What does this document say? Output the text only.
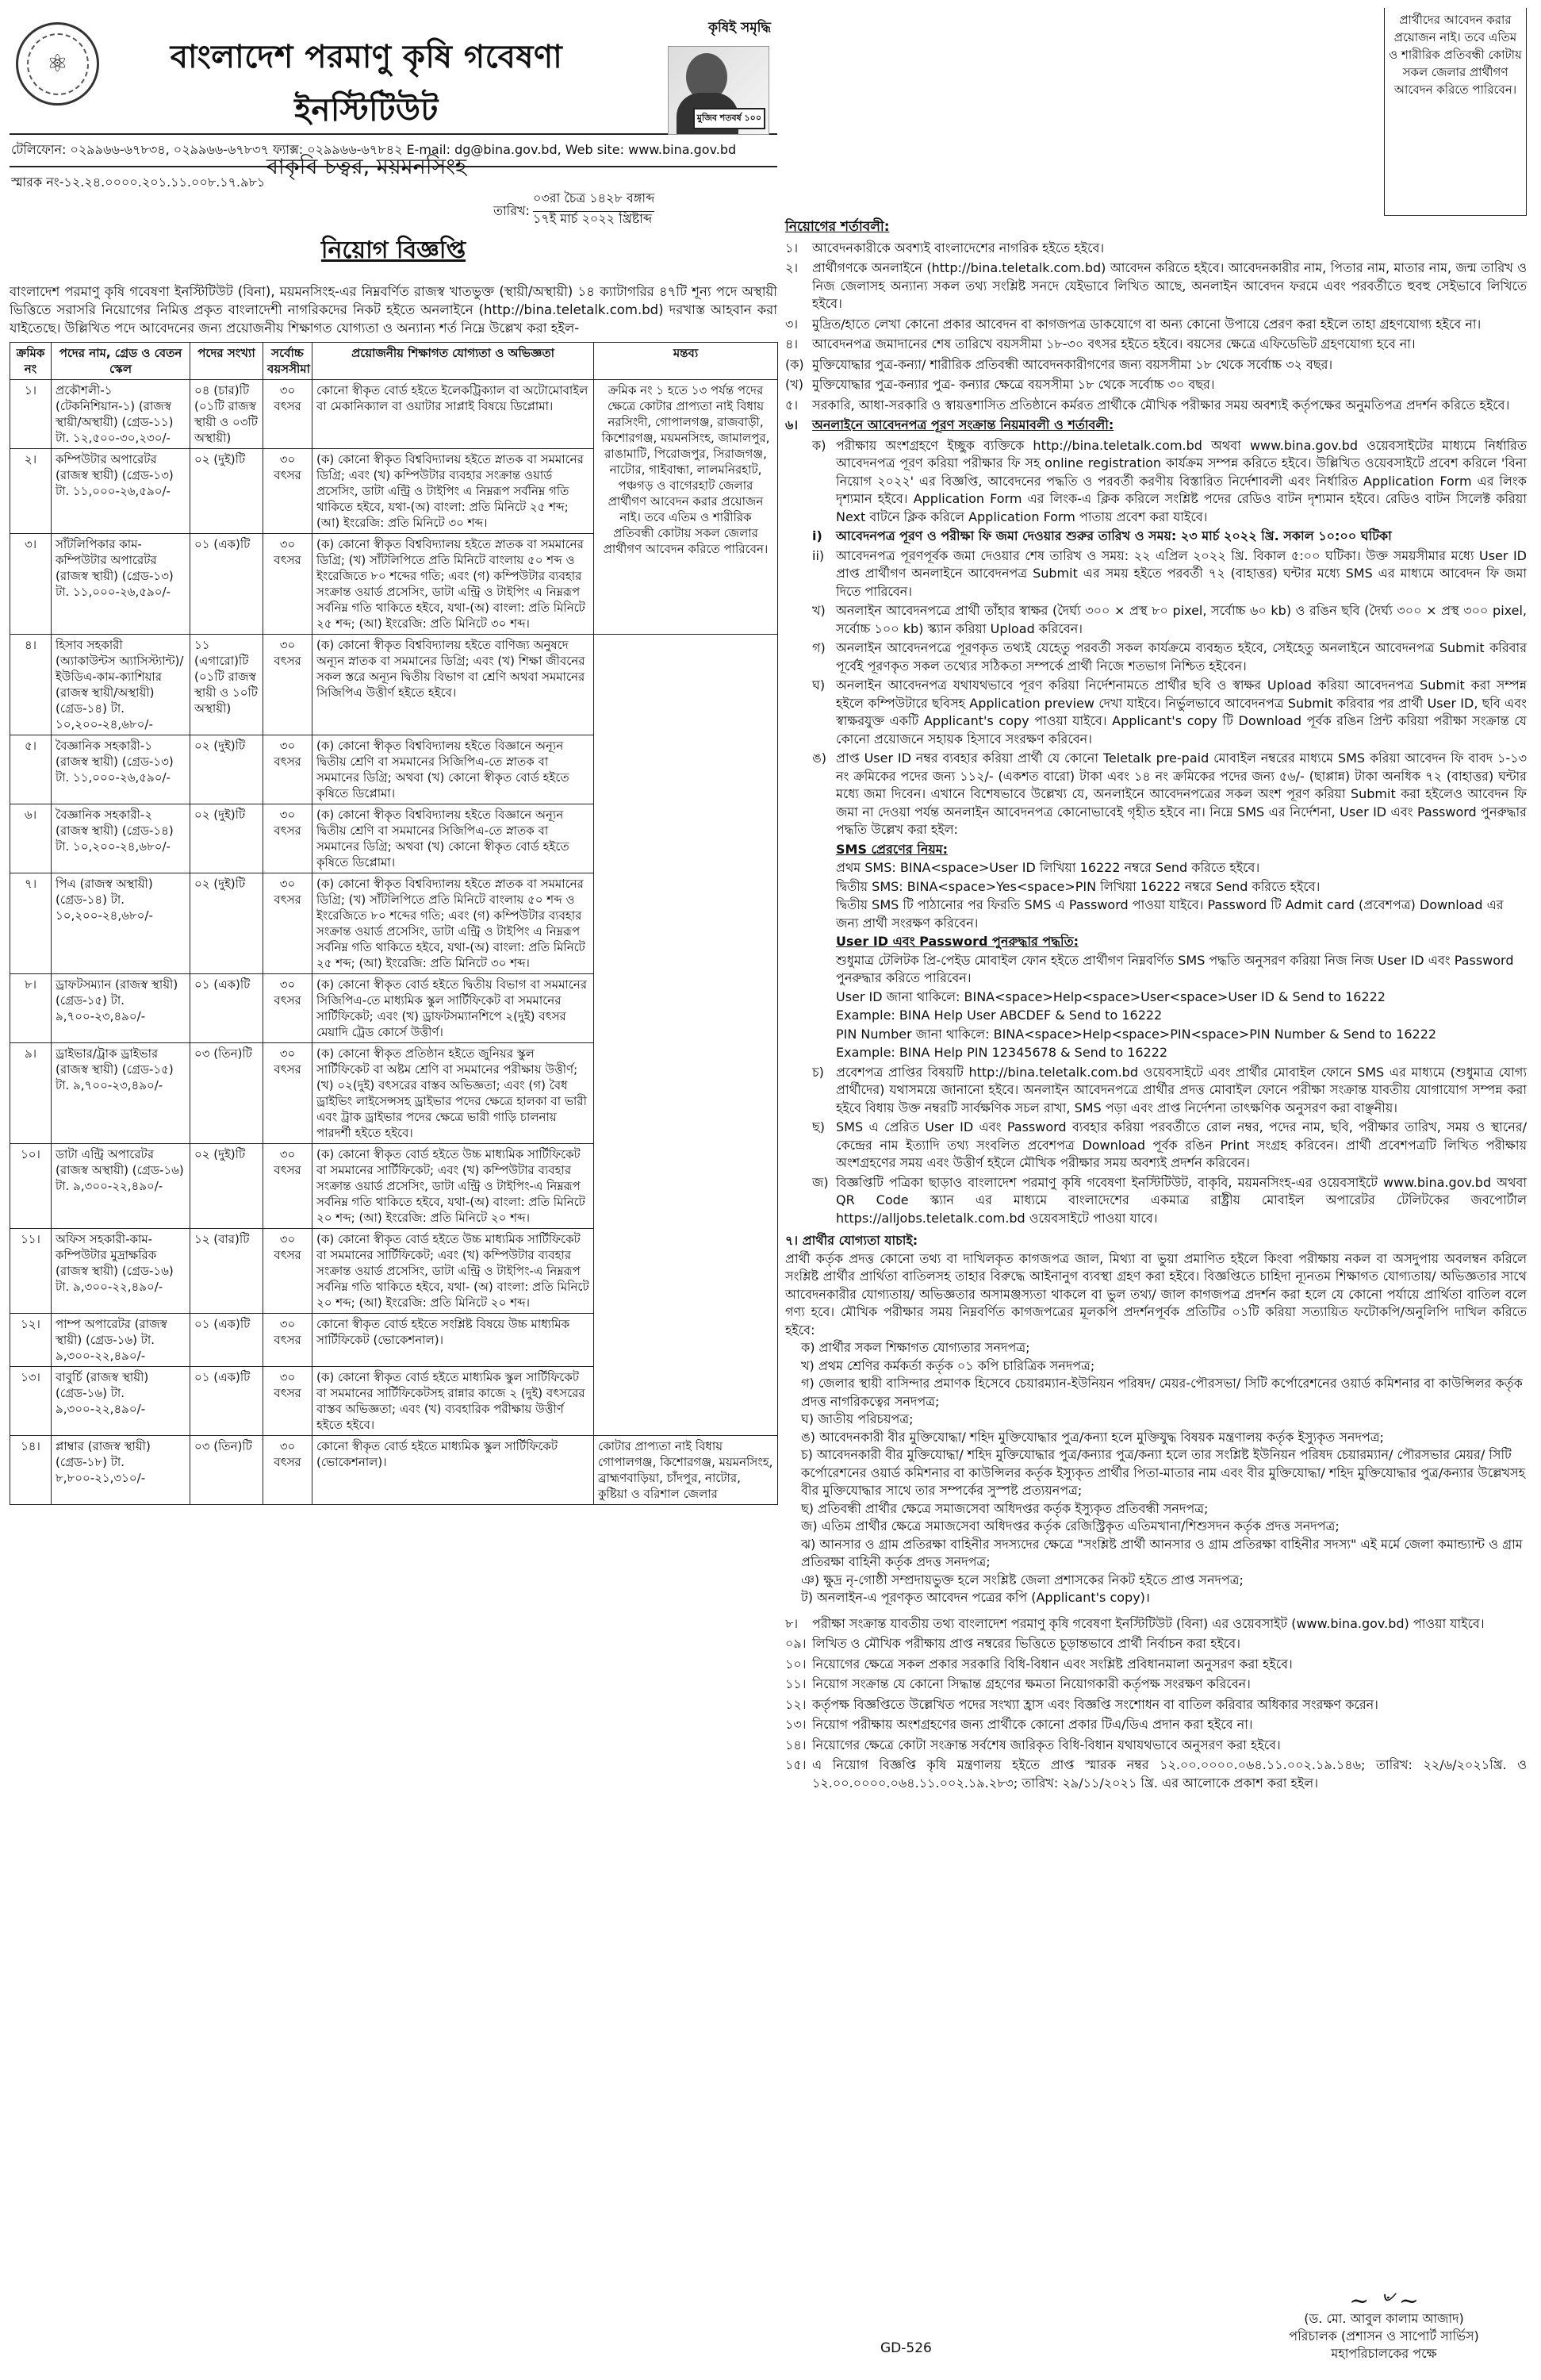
⚛	বাংলাদেশ পরমাণু কৃষি গবেষণা ইনস্টিটিউট
বাকৃবি চত্বর, ময়মনসিংহ
কৃষিই সমৃদ্ধি
মুজিব শতবর্ষ ১০০
টেলিফোন: ০২৯৯৬৬-৬৭৮৩৪, ০২৯৯৬৬-৬৭৮৩৭ ফ্যাক্স: ০২৯৯৬৬-৬৭৮৪২ E-mail: dg@bina.gov.bd, Web site: www.bina.gov.bd
স্মারক নং-১২.২৪.০০০০.২০১.১১.০০৮.১৭.৯৮১
তারিখ:
০৩রা চৈত্র ১৪২৮ বঙ্গাব্দ
১৭ই মার্চ ২০২২ খ্রিষ্টাব্দ
নিয়োগ বিজ্ঞপ্তি
বাংলাদেশ পরমাণু কৃষি গবেষণা ইনস্টিটিউট (বিনা), ময়মনসিংহ-এর নিম্নবর্ণিত রাজস্ব খাতভুক্ত (স্থায়ী/অস্থায়ী) ১৪ ক্যাটাগরির ৪৭টি শূন্য পদে অস্থায়ী ভিত্তিতে সরাসরি নিয়োগের নিমিত্ত প্রকৃত বাংলাদেশী নাগরিকদের নিকট হইতে অনলাইনে (http://bina.teletalk.com.bd) দরখাস্ত আহবান করা যাইতেছে। উল্লিখিত পদে আবেদনের জন্য প্রয়োজনীয় শিক্ষাগত যোগ্যতা ও অন্যান্য শর্ত নিম্নে উল্লেখ করা হইল-
ক্রমিক নং	পদের নাম, গ্রেড ও বেতন স্কেল	পদের সংখ্যা	সর্বোচ্চ বয়সসীমা	প্রয়োজনীয় শিক্ষাগত যোগ্যতা ও অভিজ্ঞতা	মন্তব্য
১।	প্রকৌশলী-১ (টেকনিশিয়ান-১) (রাজস্ব স্থায়ী/অস্থায়ী) (গ্রেড-১১) টা. ১২,৫০০-৩০,২৩০/-	০৪ (চার)টি (০১টি রাজস্ব স্থায়ী ও ০৩টি অস্থায়ী)	৩০ বৎসর	কোনো স্বীকৃত বোর্ড হইতে ইলেকট্রিক্যাল বা অটোমোবাইল বা মেকানিক্যাল বা ওয়াটার সাপ্লাই বিষয়ে ডিপ্লোমা।	ক্রমিক নং ১ হতে ১৩ পর্যন্ত পদের ক্ষেত্রে কোটার প্রাপ্যতা নাই বিধায় নরসিংদী, গোপালগঞ্জ, রাজবাড়ী, কিশোরগঞ্জ, ময়মনসিংহ, জামালপুর, রাঙামাটি, পিরোজপুর, সিরাজগঞ্জ, নাটোর, গাইবান্ধা, লালমনিরহাট, পঞ্চগড় ও বাগেরহাট জেলার প্রার্থীগণ আবেদন করার প্রয়োজন নাই। তবে এতিম ও শারীরিক প্রতিবন্ধী কোটায় সকল জেলার প্রার্থীগণ আবেদন করিতে পারিবেন।
২।	কম্পিউটার অপারেটর (রাজস্ব স্থায়ী) (গ্রেড-১৩) টা. ১১,০০০-২৬,৫৯০/-	০২ (দুই)টি	৩০ বৎসর	(ক) কোনো স্বীকৃত বিশ্ববিদ্যালয় হইতে স্নাতক বা সমমানের ডিগ্রি; এবং (খ) কম্পিউটার ব্যবহার সংক্রান্ত ওয়ার্ড প্রসেসিং, ডাটা এন্ট্রি ও টাইপিং এ নিম্নরূপ সর্বনিম্ন গতি থাকিতে হইবে, যথা-(অ) বাংলা: প্রতি মিনিটে ২৫ শব্দ; (আ) ইংরেজি: প্রতি মিনিটে ৩০ শব্দ।	
৩।	সাঁটলিপিকার কাম-কম্পিউটার অপারেটর (রাজস্ব স্থায়ী) (গ্রেড-১৩) টা. ১১,০০০-২৬,৫৯০/-	০১ (এক)টি	৩০ বৎসর	(ক) কোনো স্বীকৃত বিশ্ববিদ্যালয় হইতে স্নাতক বা সমমানের ডিগ্রি; (খ) সাঁটলিপিতে প্রতি মিনিটে বাংলায় ৫০ শব্দ ও ইংরেজিতে ৮০ শব্দের গতি; এবং (গ) কম্পিউটার ব্যবহার সংক্রান্ত ওয়ার্ড প্রসেসিং, ডাটা এন্ট্রি ও টাইপিং এ নিম্নরূপ সর্বনিম্ন গতি থাকিতে হইবে, যথা-(অ) বাংলা: প্রতি মিনিটে ২৫ শব্দ; (আ) ইংরেজি: প্রতি মিনিটে ৩০ শব্দ।	
৪।	হিসাব সহকারী (অ্যাকাউন্টস অ্যাসিস্ট্যান্ট)/ইউডিএ-কাম-ক্যাশিয়ার (রাজস্ব স্থায়ী/অস্থায়ী) (গ্রেড-১৪) টা. ১০,২০০-২৪,৬৮০/-	১১ (এগারো)টি (০১টি রাজস্ব স্থায়ী ও ১০টি অস্থায়ী)	৩০ বৎসর	(ক) কোনো স্বীকৃত বিশ্ববিদ্যালয় হইতে বাণিজ্য অনুষদে অন্যূন স্নাতক বা সমমানের ডিগ্রি; এবং (খ) শিক্ষা জীবনের সকল স্তরে অন্যূন দ্বিতীয় বিভাগ বা শ্রেণি অথবা সমমানের সিজিপিএ উত্তীর্ণ হইতে হইবে।	
৫।	বৈজ্ঞানিক সহকারী-১ (রাজস্ব স্থায়ী) (গ্রেড-১৩) টা. ১১,০০০-২৬,৫৯০/-	০২ (দুই)টি	৩০ বৎসর	(ক) কোনো স্বীকৃত বিশ্ববিদ্যালয় হইতে বিজ্ঞানে অন্যূন দ্বিতীয় শ্রেণি বা সমমানের সিজিপিএ-তে স্নাতক বা সমমানের ডিগ্রি; অথবা (খ) কোনো স্বীকৃত বোর্ড হইতে কৃষিতে ডিপ্লোমা।	
৬।	বৈজ্ঞানিক সহকারী-২ (রাজস্ব স্থায়ী) (গ্রেড-১৪) টা. ১০,২০০-২৪,৬৮০/-	০২ (দুই)টি	৩০ বৎসর	(ক) কোনো স্বীকৃত বিশ্ববিদ্যালয় হইতে বিজ্ঞানে অন্যূন দ্বিতীয় শ্রেণি বা সমমানের সিজিপিএ-তে স্নাতক বা সমমানের ডিগ্রি; অথবা (খ) কোনো স্বীকৃত বোর্ড হইতে কৃষিতে ডিপ্লোমা।	
৭।	পিএ (রাজস্ব অস্থায়ী) (গ্রেড-১৪) টা. ১০,২০০-২৪,৬৮০/-	০২ (দুই)টি	৩০ বৎসর	(ক) কোনো স্বীকৃত বিশ্ববিদ্যালয় হইতে স্নাতক বা সমমানের ডিগ্রি; (খ) সাঁটলিপিতে প্রতি মিনিটে বাংলায় ৫০ শব্দ ও ইংরেজিতে ৮০ শব্দের গতি; এবং (গ) কম্পিউটার ব্যবহার সংক্রান্ত ওয়ার্ড প্রসেসিং, ডাটা এন্ট্রি ও টাইপিং এ নিম্নরূপ সর্বনিম্ন গতি থাকিতে হইবে, যথা-(অ) বাংলা: প্রতি মিনিটে ২৫ শব্দ; (আ) ইংরেজি: প্রতি মিনিটে ৩০ শব্দ।	
৮।	ড্রাফটসম্যান (রাজস্ব স্থায়ী) (গ্রেড-১৫) টা. ৯,৭০০-২৩,৪৯০/-	০১ (এক)টি	৩০ বৎসর	(ক) কোনো স্বীকৃত বোর্ড হইতে দ্বিতীয় বিভাগ বা সমমানের সিজিপিএ-তে মাধ্যমিক স্কুল সার্টিফিকেট বা সমমানের সার্টিফিকেট; এবং (খ) ড্রাফটসম্যানশিপে ২(দুই) বৎসর মেয়াদি ট্রেড কোর্সে উত্তীর্ণ।	
৯।	ড্রাইভার/ট্রাক ড্রাইভার (রাজস্ব স্থায়ী) (গ্রেড-১৫) টা. ৯,৭০০-২৩,৪৯০/-	০৩ (তিন)টি	৩০ বৎসর	(ক) কোনো স্বীকৃত প্রতিষ্ঠান হইতে জুনিয়র স্কুল সার্টিফিকেট বা অষ্টম শ্রেণি বা সমমানের পরীক্ষায় উত্তীর্ণ; (খ) ০২(দুই) বৎসরের বাস্তব অভিজ্ঞতা; এবং (গ) বৈধ ড্রাইভিং লাইসেন্সসহ ড্রাইভার পদের ক্ষেত্রে হালকা বা ভারী এবং ট্রাক ড্রাইভার পদের ক্ষেত্রে ভারী গাড়ি চালনায় পারদর্শী হইতে হইবে।	
১০।	ডাটা এন্ট্রি অপারেটর (রাজস্ব অস্থায়ী) (গ্রেড-১৬) টা. ৯,৩০০-২২,৪৯০/-	০২ (দুই)টি	৩০ বৎসর	(ক) কোনো স্বীকৃত বোর্ড হইতে উচ্চ মাধ্যমিক সার্টিফিকেট বা সমমানের সার্টিফিকেট; এবং (খ) কম্পিউটার ব্যবহার সংক্রান্ত ওয়ার্ড প্রসেসিং, ডাটা এন্ট্রি ও টাইপিং-এ নিম্নরূপ সর্বনিম্ন গতি থাকিতে হইবে, যথা-(অ) বাংলা: প্রতি মিনিটে ২০ শব্দ; (আ) ইংরেজি: প্রতি মিনিটে ২০ শব্দ।	
১১।	অফিস সহকারী-কাম-কম্পিউটার মুদ্রাক্ষরিক (রাজস্ব স্থায়ী) (গ্রেড-১৬) টা. ৯,৩০০-২২,৪৯০/-	১২ (বার)টি	৩০ বৎসর	(ক) কোনো স্বীকৃত বোর্ড হইতে উচ্চ মাধ্যমিক সার্টিফিকেট বা সমমানের সার্টিফিকেট; এবং (খ) কম্পিউটার ব্যবহার সংক্রান্ত ওয়ার্ড প্রসেসিং, ডাটা এন্ট্রি ও টাইপিং-এ নিম্নরূপ সর্বনিম্ন গতি থাকিতে হইবে, যথা- (অ) বাংলা: প্রতি মিনিটে ২০ শব্দ; (আ) ইংরেজি: প্রতি মিনিটে ২০ শব্দ।	
১২।	পাম্প অপারেটর (রাজস্ব স্থায়ী) (গ্রেড-১৬) টা. ৯,৩০০-২২,৪৯০/-	০১ (এক)টি	৩০ বৎসর	কোনো স্বীকৃত বোর্ড হইতে সংশ্লিষ্ট বিষয়ে উচ্চ মাধ্যমিক সার্টিফিকেট (ভোকেশনাল)।	
১৩।	বাবুর্চি (রাজস্ব স্থায়ী) (গ্রেড-১৬) টা. ৯,৩০০-২২,৪৯০/-	০১ (এক)টি	৩০ বৎসর	(ক) কোনো স্বীকৃত বোর্ড হইতে মাধ্যমিক স্কুল সার্টিফিকেট বা সমমানের সার্টিফিকেটসহ রান্নার কাজে ২ (দুই) বৎসরের বাস্তব অভিজ্ঞতা; এবং (খ) ব্যবহারিক পরীক্ষায় উত্তীর্ণ হইতে হইবে।	
১৪।	প্লাম্বার (রাজস্ব স্থায়ী) (গ্রেড-১৮) টা. ৮,৮০০-২১,৩১০/-	০৩ (তিন)টি	৩০ বৎসর	কোনো স্বীকৃত বোর্ড হইতে মাধ্যমিক স্কুল সার্টিফিকেট (ভোকেশনাল)।	কোটার প্রাপ্যতা নাই বিধায় গোপালগঞ্জ, কিশোরগঞ্জ, ময়মনসিংহ, ব্রাহ্মণবাড়িয়া, চাঁদপুর, নাটোর, কুষ্টিয়া ও বরিশাল জেলার
প্রার্থীদের আবেদন করার প্রয়োজন নাই। তবে এতিম ও শারীরিক প্রতিবন্ধী কোটায় সকল জেলার প্রার্থীগণ আবেদন করিতে পারিবেন।
নিয়োগের শর্তাবলী:
১।	আবেদনকারীকে অবশ্যই বাংলাদেশের নাগরিক হইতে হইবে।
২।	প্রার্থীগণকে অনলাইনে (http://bina.teletalk.com.bd) আবেদন করিতে হইবে। আবেদনকারীর নাম, পিতার নাম, মাতার নাম, জন্ম তারিখ ও নিজ জেলাসহ অন্যান্য সকল তথ্য সংশ্লিষ্ট সনদে যেইভাবে লিখিত আছে, অনলাইন আবেদন ফরমে এবং পরবর্তীতে হুবহু সেইভাবে লিখিতে হইবে।
৩।	মুদ্রিত/হাতে লেখা কোনো প্রকার আবেদন বা কাগজপত্র ডাকযোগে বা অন্য কোনো উপায়ে প্রেরণ করা হইলে তাহা গ্রহণযোগ্য হইবে না।
৪।	আবেদনপত্র জমাদানের শেষ তারিখে বয়সসীমা ১৮-৩০ বৎসর হইতে হইবে। বয়সের ক্ষেত্রে এফিডেভিট গ্রহণযোগ্য হবে না।
(ক) মুক্তিযোদ্ধার পুত্র-কন্যা/ শারীরিক প্রতিবন্ধী আবেদনকারীগণের জন্য বয়সসীমা ১৮ থেকে সর্বোচ্চ ৩২ বছর।
(খ) মুক্তিযোদ্ধার পুত্র-কন্যার পুত্র- কন্যার ক্ষেত্রে বয়সসীমা ১৮ থেকে সর্বোচ্চ ৩০ বছর।
৫।	সরকারি, আধা-সরকারি ও স্বায়ত্তশাসিত প্রতিষ্ঠানে কর্মরত প্রার্থীকে মৌখিক পরীক্ষার সময় অবশ্যই কর্তৃপক্ষের অনুমতিপত্র প্রদর্শন করিতে হইবে।
৬।	অনলাইনে আবেদনপত্র পূরণ সংক্রান্ত নিয়মাবলী ও শর্তাবলী:
ক) পরীক্ষায় অংশগ্রহণে ইচ্ছুক ব্যক্তিকে http://bina.teletalk.com.bd অথবা www.bina.gov.bd ওয়েবসাইটের মাধ্যমে নির্ধারিত আবেদনপত্র পূরণ করিয়া পরীক্ষার ফি সহ online registration কার্যক্রম সম্পন্ন করিতে হইবে। উল্লিখিত ওয়েবসাইটে প্রবেশ করিলে 'বিনা নিয়োগ ২০২২' এর বিজ্ঞপ্তি, আবেদনের পদ্ধতি ও পরবর্তী করণীয় বিস্তারিত নির্দেশাবলী এবং নির্ধারিত Application Form এর লিংক দৃশ্যমান হইবে। Application Form এর লিংক-এ ক্লিক করিলে সংশ্লিষ্ট পদের রেডিও বাটন দৃশ্যমান হইবে। রেডিও বাটন সিলেক্ট করিয়া Next বাটনে ক্লিক করিলে Application Form পাতায় প্রবেশ করা যাইবে।
i)	আবেদনপত্র পূরণ ও পরীক্ষা ফি জমা দেওয়ার শুরুর তারিখ ও সময়: ২৩ মার্চ ২০২২ খ্রি. সকাল ১০:০০ ঘটিকা
ii) আবেদনপত্র পূরণপূর্বক জমা দেওয়ার শেষ তারিখ ও সময়: ২২ এপ্রিল ২০২২ খ্রি. বিকাল ৫:০০ ঘটিকা। উক্ত সময়সীমার মধ্যে User ID প্রাপ্ত প্রার্থীগণ অনলাইনে আবেদনপত্র Submit এর সময় হইতে পরবর্তী ৭২ (বাহাত্তর) ঘন্টার মধ্যে SMS এর মাধ্যমে আবেদন ফি জমা দিতে পারিবেন।
খ) অনলাইন আবেদনপত্রে প্রার্থী তাঁহার স্বাক্ষর (দৈর্ঘ্য ৩০০ × প্রস্থ ৮০ pixel, সর্বোচ্চ ৬০ kb) ও রঙিন ছবি (দৈর্ঘ্য ৩০০ × প্রস্থ ৩০০ pixel, সর্বোচ্চ ১০০ kb) স্ক্যান করিয়া Upload করিবেন।
গ) অনলাইন আবেদনপত্রে পূরণকৃত তথ্যই যেহেতু পরবর্তী সকল কার্যক্রমে ব্যবহৃত হইবে, সেইহেতু অনলাইনে আবেদনপত্র Submit করিবার পূর্বেই পূরণকৃত সকল তথ্যের সঠিকতা সম্পর্কে প্রার্থী নিজে শতভাগ নিশ্চিত হইবেন।
ঘ) অনলাইন আবেদনপত্র যথাযথভাবে পূরণ করিয়া নির্দেশনামতে প্রার্থীর ছবি ও স্বাক্ষর Upload করিয়া আবেদনপত্র Submit করা সম্পন্ন হইলে কম্পিউটারে ছবিসহ Application preview দেখা যাইবে। নির্ভুলভাবে আবেদনপত্র Submit করিবার পর প্রার্থী User ID, ছবি এবং স্বাক্ষরযুক্ত একটি Applicant's copy পাওয়া যাইবে। Applicant's copy টি Download পূর্বক রঙিন প্রিন্ট করিয়া পরীক্ষা সংক্রান্ত যে কোনো প্রয়োজনে সহায়ক হিসাবে সংরক্ষণ করিবেন।
ঙ) প্রাপ্ত User ID নম্বর ব্যবহার করিয়া প্রার্থী যে কোনো Teletalk pre-paid মোবাইল নম্বরের মাধ্যমে SMS করিয়া আবেদন ফি বাবদ ১-১৩ নং ক্রমিকের পদের জন্য ১১২/- (একশত বারো) টাকা এবং ১৪ নং ক্রমিকের পদের জন্য ৫৬/- (ছাপ্পান্ন) টাকা অনধিক ৭২ (বাহাত্তর) ঘন্টার মধ্যে জমা দিবেন। এখানে বিশেষভাবে উল্লেখ্য যে, অনলাইনে আবেদনপত্রের সকল অংশ পূরণ করিয়া Submit করা হইলেও আবেদন ফি জমা না দেওয়া পর্যন্ত অনলাইন আবেদনপত্র কোনোভাবেই গৃহীত হইবে না। নিম্নে SMS এর নির্দেশনা, User ID এবং Password পুনরুদ্ধার পদ্ধতি উল্লেখ করা হইল:
SMS প্রেরণের নিয়ম:
প্রথম SMS: BINA<space>User ID লিখিয়া 16222 নম্বরে Send করিতে হইবে।
দ্বিতীয় SMS: BINA<space>Yes<space>PIN লিখিয়া 16222 নম্বরে Send করিতে হইবে।
দ্বিতীয় SMS টি পাঠানোর পর ফিরতি SMS এ Password পাওয়া যাইবে। Password টি Admit card (প্রবেশপত্র) Download এর জন্য প্রার্থী সংরক্ষণ করিবেন।
User ID এবং Password পুনরুদ্ধার পদ্ধতি:
শুধুমাত্র টেলিটক প্রি-পেইড মোবাইল ফোন হইতে প্রার্থীগণ নিম্নবর্ণিত SMS পদ্ধতি অনুসরণ করিয়া নিজ নিজ User ID এবং Password পুনরুদ্ধার করিতে পারিবেন।
User ID জানা থাকিলে: BINA<space>Help<space>User<space>User ID & Send to 16222
Example: BINA Help User ABCDEF & Send to 16222
PIN Number জানা থাকিলে: BINA<space>Help<space>PIN<space>PIN Number & Send to 16222
Example: BINA Help PIN 12345678 & Send to 16222
চ) প্রবেশপত্র প্রাপ্তির বিষয়টি http://bina.teletalk.com.bd ওয়েবসাইটে এবং প্রার্থীর মোবাইল ফোনে SMS এর মাধ্যমে (শুধুমাত্র যোগ্য প্রার্থীদের) যথাসময়ে জানানো হইবে। অনলাইন আবেদনপত্রে প্রার্থীর প্রদত্ত মোবাইল ফোনে পরীক্ষা সংক্রান্ত যাবতীয় যোগাযোগ সম্পন্ন করা হইবে বিধায় উক্ত নম্বরটি সার্বক্ষণিক সচল রাখা, SMS পড়া এবং প্রাপ্ত নির্দেশনা তাৎক্ষণিক অনুসরণ করা বাঞ্ছনীয়।
ছ) SMS এ প্রেরিত User ID এবং Password ব্যবহার করিয়া পরবর্তীতে রোল নম্বর, পদের নাম, ছবি, পরীক্ষার তারিখ, সময় ও স্থানের/কেন্দ্রের নাম ইত্যাদি তথ্য সংবলিত প্রবেশপত্র Download পূর্বক রঙিন Print সংগ্রহ করিবেন। প্রার্থী প্রবেশপত্রটি লিখিত পরীক্ষায় অংশগ্রহণের সময় এবং উত্তীর্ণ হইলে মৌখিক পরীক্ষার সময় অবশ্যই প্রদর্শন করিবেন।
জ) বিজ্ঞপ্তিটি পত্রিকা ছাড়াও বাংলাদেশ পরমাণু কৃষি গবেষণা ইনস্টিটিউট, বাকৃবি, ময়মনসিংহ-এর ওয়েবসাইটে www.bina.gov.bd অথবা QR Code স্ক্যান এর মাধ্যমে বাংলাদেশের একমাত্র রাষ্ট্রীয় মোবাইল অপারেটর টেলিটকের জবপোর্টাল https://alljobs.teletalk.com.bd ওয়েবসাইটে পাওয়া যাবে।
৭। প্রার্থীর যোগ্যতা যাচাই:
প্রার্থী কর্তৃক প্রদত্ত কোনো তথ্য বা দাখিলকৃত কাগজপত্র জাল, মিথ্যা বা ভুয়া প্রমাণিত হইলে কিংবা পরীক্ষায় নকল বা অসদুপায় অবলম্বন করিলে সংশ্লিষ্ট প্রার্থীর প্রার্থিতা বাতিলসহ তাহার বিরুদ্ধে আইনানুগ ব্যবস্থা গ্রহণ করা হইবে। বিজ্ঞপ্তিতে চাহিদা ন্যূনতম শিক্ষাগত যোগ্যতায়/ অভিজ্ঞতার সাথে আবেদনকারীর যোগ্যতায়/ অভিজ্ঞতার অসামঞ্জস্যতা থাকলে বা ভুল তথ্য/ জাল কাগজপত্র প্রদর্শন করা হলে যে কোনো পর্যায়ে প্রার্থিতা বাতিল বলে গণ্য হবে। মৌখিক পরীক্ষার সময় নিম্নবর্ণিত কাগজপত্রের মূলকপি প্রদর্শনপূর্বক প্রতিটির ০১টি করিয়া সত্যায়িত ফটোকপি/অনুলিপি দাখিল করিতে হইবে:
ক) প্রার্থীর সকল শিক্ষাগত যোগ্যতার সনদপত্র;
খ) প্রথম শ্রেণির কর্মকর্তা কর্তৃক ০১ কপি চারিত্রিক সনদপত্র;
গ) জেলার স্থায়ী বাসিন্দার প্রমাণক হিসেবে চেয়ারম্যান-ইউনিয়ন পরিষদ/ মেয়র-পৌরসভা/ সিটি কর্পোরেশনের ওয়ার্ড কমিশনার বা কাউন্সিলর কর্তৃক প্রদত্ত নাগরিকত্বের সনদপত্র;
ঘ) জাতীয় পরিচয়পত্র;
ঙ) আবেদনকারী বীর মুক্তিযোদ্ধা/ শহিদ মুক্তিযোদ্ধার পুত্র/কন্যা হলে মুক্তিযুদ্ধ বিষয়ক মন্ত্রণালয় কর্তৃক ইস্যুকৃত সনদপত্র;
চ) আবেদনকারী বীর মুক্তিযোদ্ধা/ শহিদ মুক্তিযোদ্ধার পুত্র/কন্যার পুত্র/কন্যা হলে তার সংশ্লিষ্ট ইউনিয়ন পরিষদ চেয়ারম্যান/ পৌরসভার মেয়র/ সিটি কর্পোরেশনের ওয়ার্ড কমিশনার বা কাউন্সিলর কর্তৃক ইস্যুকৃত প্রার্থীর পিতা-মাতার নাম এবং বীর মুক্তিযোদ্ধা/ শহিদ মুক্তিযোদ্ধার পুত্র/কন্যার উল্লেখসহ বীর মুক্তিযোদ্ধার সাথে তার সম্পর্কের সুস্পষ্ট প্রত্যয়নপত্র;
ছ) প্রতিবন্ধী প্রার্থীর ক্ষেত্রে সমাজসেবা অধিদপ্তর কর্তৃক ইস্যুকৃত প্রতিবন্ধী সনদপত্র;
জ) এতিম প্রার্থীর ক্ষেত্রে সমাজসেবা অধিদপ্তর কর্তৃক রেজিস্ট্রিকৃত এতিমখানা/শিশুসদন কর্তৃক প্রদত্ত সনদপত্র;
ঝ) আনসার ও গ্রাম প্রতিরক্ষা বাহিনীর সদস্যদের ক্ষেত্রে "সংশ্লিষ্ট প্রার্থী আনসার ও গ্রাম প্রতিরক্ষা বাহিনীর সদস্য" এই মর্মে জেলা কমান্ড্যান্ট ও গ্রাম প্রতিরক্ষা বাহিনী কর্তৃক প্রদত্ত সনদপত্র;
ঞ) ক্ষুদ্র নৃ-গোষ্ঠী সম্প্রদায়ভুক্ত হলে সংশ্লিষ্ট জেলা প্রশাসকের নিকট হইতে প্রাপ্ত সনদপত্র;
ট) অনলাইন-এ পূরণকৃত আবেদন পত্রের কপি (Applicant's copy)।
৮।	পরীক্ষা সংক্রান্ত যাবতীয় তথ্য বাংলাদেশ পরমাণু কৃষি গবেষণা ইনস্টিটিউট (বিনা) এর ওয়েবসাইট (www.bina.gov.bd) পাওয়া যাইবে।
০৯। লিখিত ও মৌখিক পরীক্ষায় প্রাপ্ত নম্বরের ভিত্তিতে চূড়ান্তভাবে প্রার্থী নির্বাচন করা হইবে।
১০। নিয়োগের ক্ষেত্রে সকল প্রকার সরকারি বিধি-বিধান এবং সংশ্লিষ্ট প্রবিধানমালা অনুসরণ করা হইবে।
১১। নিয়োগ সংক্রান্ত যে কোনো সিদ্ধান্ত গ্রহণের ক্ষমতা নিয়োগকারী কর্তৃপক্ষ সংরক্ষণ করিবেন।
১২। কর্তৃপক্ষ বিজ্ঞপ্তিতে উল্লেখিত পদের সংখ্যা হ্রাস এবং বিজ্ঞপ্তি সংশোধন বা বাতিল করিবার অধিকার সংরক্ষণ করেন।
১৩। নিয়োগ পরীক্ষায় অংশগ্রহণের জন্য প্রার্থীকে কোনো প্রকার টিএ/ডিএ প্রদান করা হইবে না।
১৪। নিয়োগের ক্ষেত্রে কোটা সংক্রান্ত সর্বশেষ জারিকৃত বিধি-বিধান যথাযথভাবে অনুসরণ করা হইবে।
১৫। এ নিয়োগ বিজ্ঞপ্তি কৃষি মন্ত্রণালয় হইতে প্রাপ্ত স্মারক নম্বর ১২.০০.০০০০.০৬৪.১১.০০২.১৯.১৪৬; তারিখ: ২২/৬/২০২১খ্রি. ও ১২.০০.০০০০.০৬৪.১১.০০২.১৯.২৮৩; তারিখ: ২৯/১১/২০২১ খ্রি. এর আলোকে প্রকাশ করা হইল।
GD-526
~ ৺ ~
(ড. মো. আবুল কালাম আজাদ)
পরিচালক (প্রশাসন ও সাপোর্ট সার্ভিস)
মহাপরিচালকের পক্ষে
